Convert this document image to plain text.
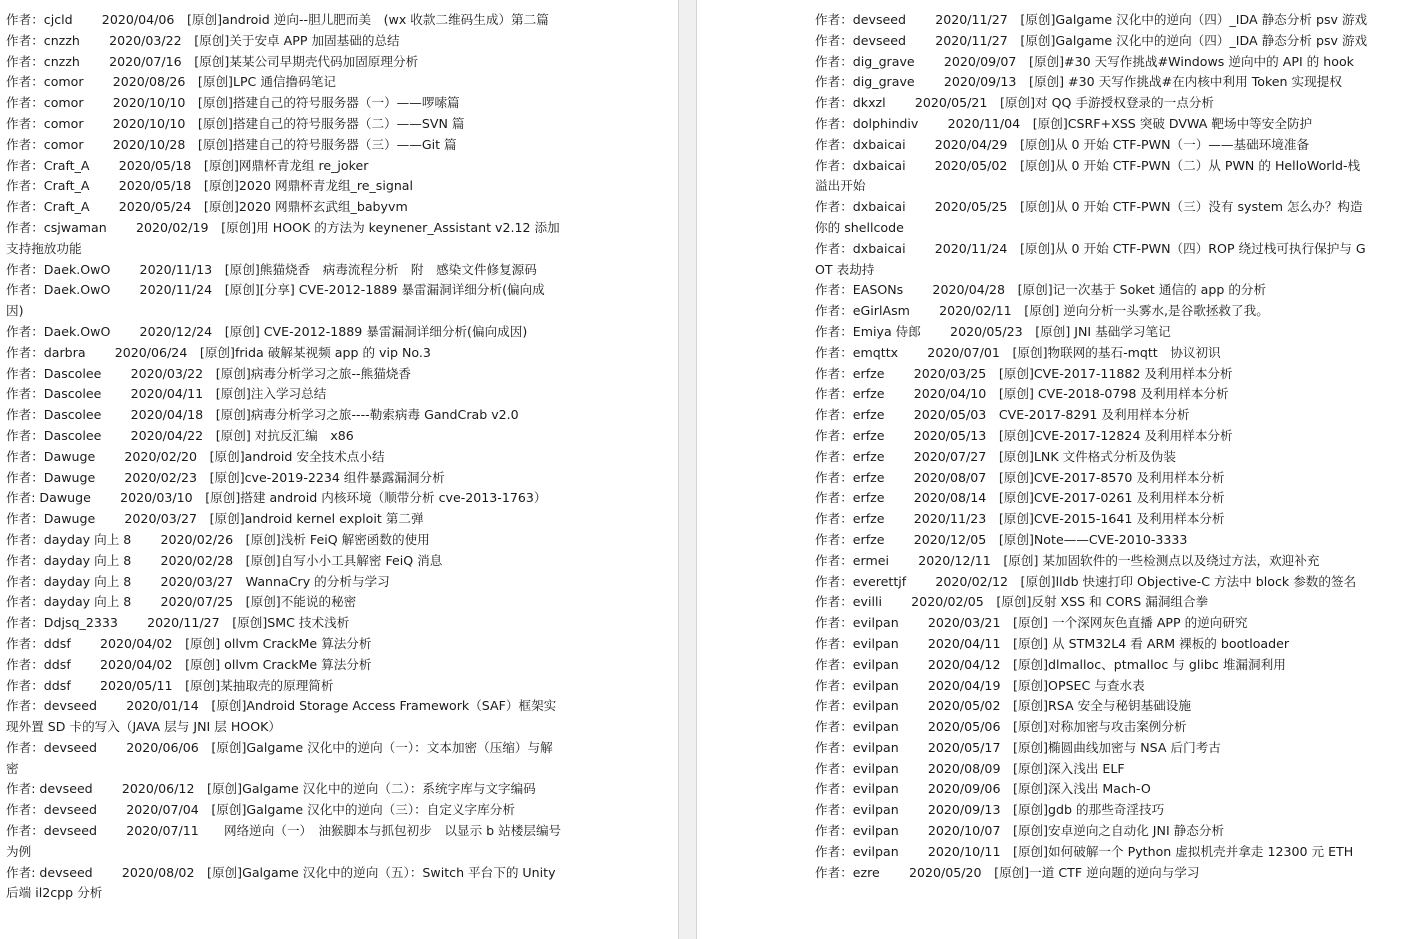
作者：cjcld　　 2020/04/06　[原创]android 逆向--胆儿肥而美　(wx 收款二维码生成）第二篇
作者：cnzzh　　 2020/03/22　[原创]关于安卓 APP 加固基础的总结
作者：cnzzh　　 2020/07/16　[原创]某某公司早期壳代码加固原理分析
作者：comor　　 2020/08/26　[原创]LPC 通信撸码笔记
作者：comor　　 2020/10/10　[原创]搭建自己的符号服务器（一）——啰嗦篇
作者：comor　　 2020/10/10　[原创]搭建自己的符号服务器（二）——SVN 篇
作者：comor　　 2020/10/28　[原创]搭建自己的符号服务器（三）——Git 篇
作者：Craft_A　　 2020/05/18　[原创]网鼎杯青龙组 re_joker
作者：Craft_A　　 2020/05/18　[原创]2020 网鼎杯青龙组_re_signal
作者：Craft_A　　 2020/05/24　[原创]2020 网鼎杯玄武组_babyvm
作者：csjwaman　　 2020/02/19　[原创]用 HOOK 的方法为 keynener_Assistant v2.12 添加支持拖放功能
作者：Daek.OwO　　 2020/11/13　[原创]熊猫烧香　病毒流程分析　附　感染文件修复源码
作者：Daek.OwO　　 2020/11/24　[原创][分享] CVE-2012-1889 暴雷漏洞详细分析(偏向成因)
作者：Daek.OwO　　 2020/12/24　[原创] CVE-2012-1889 暴雷漏洞详细分析(偏向成因)
作者：darbra　　 2020/06/24　[原创]frida 破解某视频 app 的 vip No.3
作者：Dascolee　　 2020/03/22　[原创]病毒分析学习之旅--熊猫烧香
作者：Dascolee　　 2020/04/11　[原创]注入学习总结
作者：Dascolee　　 2020/04/18　[原创]病毒分析学习之旅----勒索病毒 GandCrab v2.0
作者：Dascolee　　 2020/04/22　[原创] 对抗反汇编　x86
作者：Dawuge　　 2020/02/20　[原创]android 安全技术点小结
作者：Dawuge　　 2020/02/23　[原创]cve-2019-2234 组件暴露漏洞分析
作者: Dawuge　　 2020/03/10　[原创]搭建 android 内核环境（顺带分析 cve-2013-1763）
作者：Dawuge　　 2020/03/27　[原创]android kernel exploit 第二弹
作者：dayday 向上 8　　 2020/02/26　[原创]浅析 FeiQ 解密函数的使用
作者：dayday 向上 8　　 2020/02/28　[原创]自写小小工具解密 FeiQ 消息
作者：dayday 向上 8　　 2020/03/27　WannaCry 的分析与学习
作者：dayday 向上 8　　 2020/07/25　[原创]不能说的秘密
作者：Ddjsq_2333　　 2020/11/27　[原创]SMC 技术浅析
作者：ddsf　　 2020/04/02　[原创] ollvm CrackMe 算法分析
作者：ddsf　　 2020/04/02　[原创] ollvm CrackMe 算法分析
作者：ddsf　　 2020/05/11　[原创]某抽取壳的原理简析
作者：devseed　　 2020/01/14　[原创]Android Storage Access Framework（SAF）框架实现外置 SD 卡的写入（JAVA 层与 JNI 层 HOOK）
作者：devseed　　 2020/06/06　[原创]Galgame 汉化中的逆向（一）：文本加密（压缩）与解密
作者: devseed　　 2020/06/12　[原创]Galgame 汉化中的逆向（二）：系统字库与文字编码
作者：devseed　　 2020/07/04　[原创]Galgame 汉化中的逆向（三）：自定义字库分析
作者：devseed　　 2020/07/11　　网络逆向（一）　油猴脚本与抓包初步　以显示 b 站楼层编号为例
作者: devseed　　 2020/08/02　[原创]Galgame 汉化中的逆向（五）：Switch 平台下的 Unity 后端 il2cpp 分析
作者：devseed　　 2020/11/27　[原创]Galgame 汉化中的逆向（四）_IDA 静态分析 psv 游戏
作者：devseed　　 2020/11/27　[原创]Galgame 汉化中的逆向（四）_IDA 静态分析 psv 游戏
作者：dig_grave　　 2020/09/07　[原创]#30 天写作挑战#Windows 逆向中的 API 的 hook
作者：dig_grave　　 2020/09/13　[原创] #30 天写作挑战#在内核中利用 Token 实现提权
作者：dkxzl　　 2020/05/21　[原创]对 QQ 手游授权登录的一点分析
作者：dolphindiv　　 2020/11/04　[原创]CSRF+XSS 突破 DVWA 靶场中等安全防护
作者：dxbaicai　　 2020/04/29　[原创]从 0 开始 CTF-PWN（一）——基础环境准备
作者：dxbaicai　　 2020/05/02　[原创]从 0 开始 CTF-PWN（二）从 PWN 的 HelloWorld-栈溢出开始
作者：dxbaicai　　 2020/05/25　[原创]从 0 开始 CTF-PWN（三）没有 system 怎么办？构造你的 shellcode
作者：dxbaicai　　 2020/11/24　[原创]从 0 开始 CTF-PWN（四）ROP 绕过栈可执行保护与 GOT 表劫持
作者：EASONs　　 2020/04/28　[原创]记一次基于 Soket 通信的 app 的分析
作者：eGirlAsm　　 2020/02/11　[原创] 逆向分析一头雾水,是谷歌拯救了我。
作者：Emiya 侍郎　　 2020/05/23　[原创] JNI 基础学习笔记
作者：emqttx　　 2020/07/01　[原创]物联网的基石-mqtt　协议初识
作者：erfze　　 2020/03/25　[原创]CVE-2017-11882 及利用样本分析
作者：erfze　　 2020/04/10　[原创] CVE-2018-0798 及利用样本分析
作者：erfze　　 2020/05/03　CVE-2017-8291 及利用样本分析
作者：erfze　　 2020/05/13　[原创]CVE-2017-12824 及利用样本分析
作者：erfze　　 2020/07/27　[原创]LNK 文件格式分析及伪装
作者：erfze　　 2020/08/07　[原创]CVE-2017-8570 及利用样本分析
作者：erfze　　 2020/08/14　[原创]CVE-2017-0261 及利用样本分析
作者：erfze　　 2020/11/23　[原创]CVE-2015-1641 及利用样本分析
作者：erfze　　 2020/12/05　[原创]Note——CVE-2010-3333
作者：ermei　　 2020/12/11　[原创] 某加固软件的一些检测点以及绕过方法，欢迎补充
作者：everettjf　　 2020/02/12　[原创]lldb 快速打印 Objective-C 方法中 block 参数的签名
作者：evilli　　 2020/02/05　[原创]反射 XSS 和 CORS 漏洞组合拳
作者：evilpan　　 2020/03/21　[原创] 一个深网灰色直播 APP 的逆向研究
作者：evilpan　　 2020/04/11　[原创] 从 STM32L4 看 ARM 裸板的 bootloader
作者：evilpan　　 2020/04/12　[原创]dlmalloc、ptmalloc 与 glibc 堆漏洞利用
作者：evilpan　　 2020/04/19　[原创]OPSEC 与查水表
作者：evilpan　　 2020/05/02　[原创]RSA 安全与秘钥基础设施
作者：evilpan　　 2020/05/06　[原创]对称加密与攻击案例分析
作者：evilpan　　 2020/05/17　[原创]椭圆曲线加密与 NSA 后门考古
作者：evilpan　　 2020/08/09　[原创]深入浅出 ELF
作者：evilpan　　 2020/09/06　[原创]深入浅出 Mach-O
作者：evilpan　　 2020/09/13　[原创]gdb 的那些奇淫技巧
作者：evilpan　　 2020/10/07　[原创]安卓逆向之自动化 JNI 静态分析
作者：evilpan　　 2020/10/11　[原创]如何破解一个 Python 虚拟机壳并拿走 12300 元 ETH
作者：ezre　　 2020/05/20　[原创]一道 CTF 逆向题的逆向与学习
